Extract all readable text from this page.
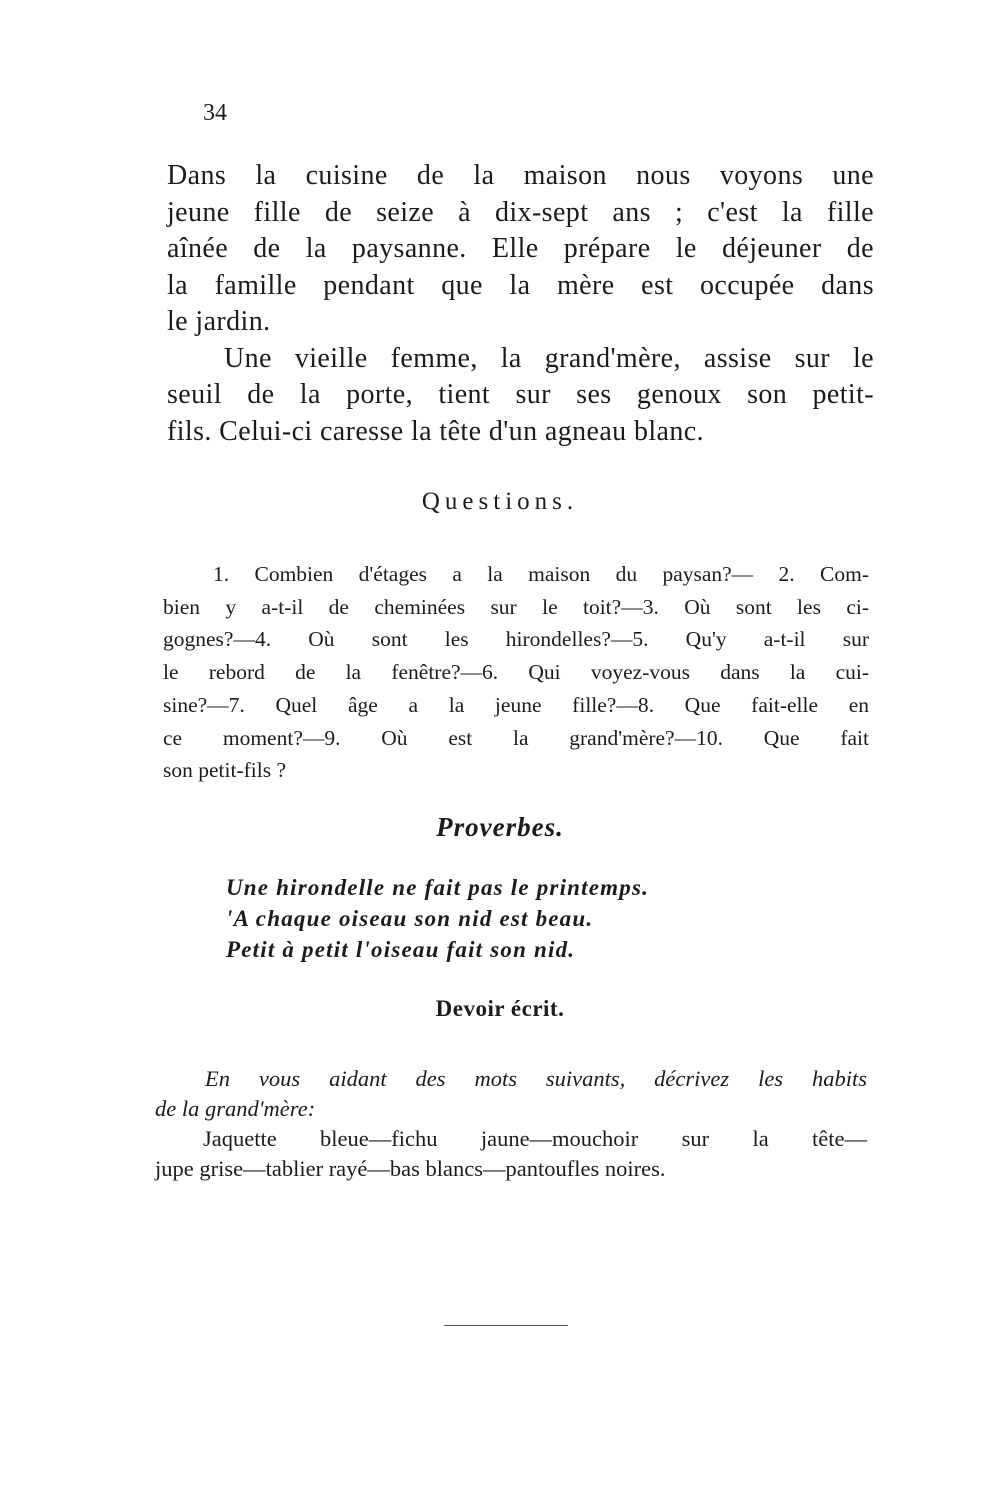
34
Dans la cuisine de la maison nous voyons une
jeune fille de seize à dix-sept ans ; c'est la fille
aînée de la paysanne. Elle prépare le déjeuner de
la famille pendant que la mère est occupée dans
le jardin.
Une vieille femme, la grand'mère, assise sur le
seuil de la porte, tient sur ses genoux son petit-
fils. Celui-ci caresse la tête d'un agneau blanc.
Questions.
1. Combien d'étages a la maison du paysan?— 2. Com-
bien y a-t-il de cheminées sur le toit?—3. Où sont les ci-
gognes?—4. Où sont les hirondelles?—5. Qu'y a-t-il sur
le rebord de la fenêtre?—6. Qui voyez-vous dans la cui-
sine?—7. Quel âge a la jeune fille?—8. Que fait-elle en
ce moment?—9. Où est la grand'mère?—10. Que fait
son petit-fils ?
Proverbes.
Une hirondelle ne fait pas le printemps.
'A chaque oiseau son nid est beau.
Petit à petit l'oiseau fait son nid.
Devoir écrit.
En vous aidant des mots suivants, décrivez les habits
de la grand'mère:
Jaquette bleue—fichu jaune—mouchoir sur la tête—
jupe grise—tablier rayé—bas blancs—pantoufles noires.
